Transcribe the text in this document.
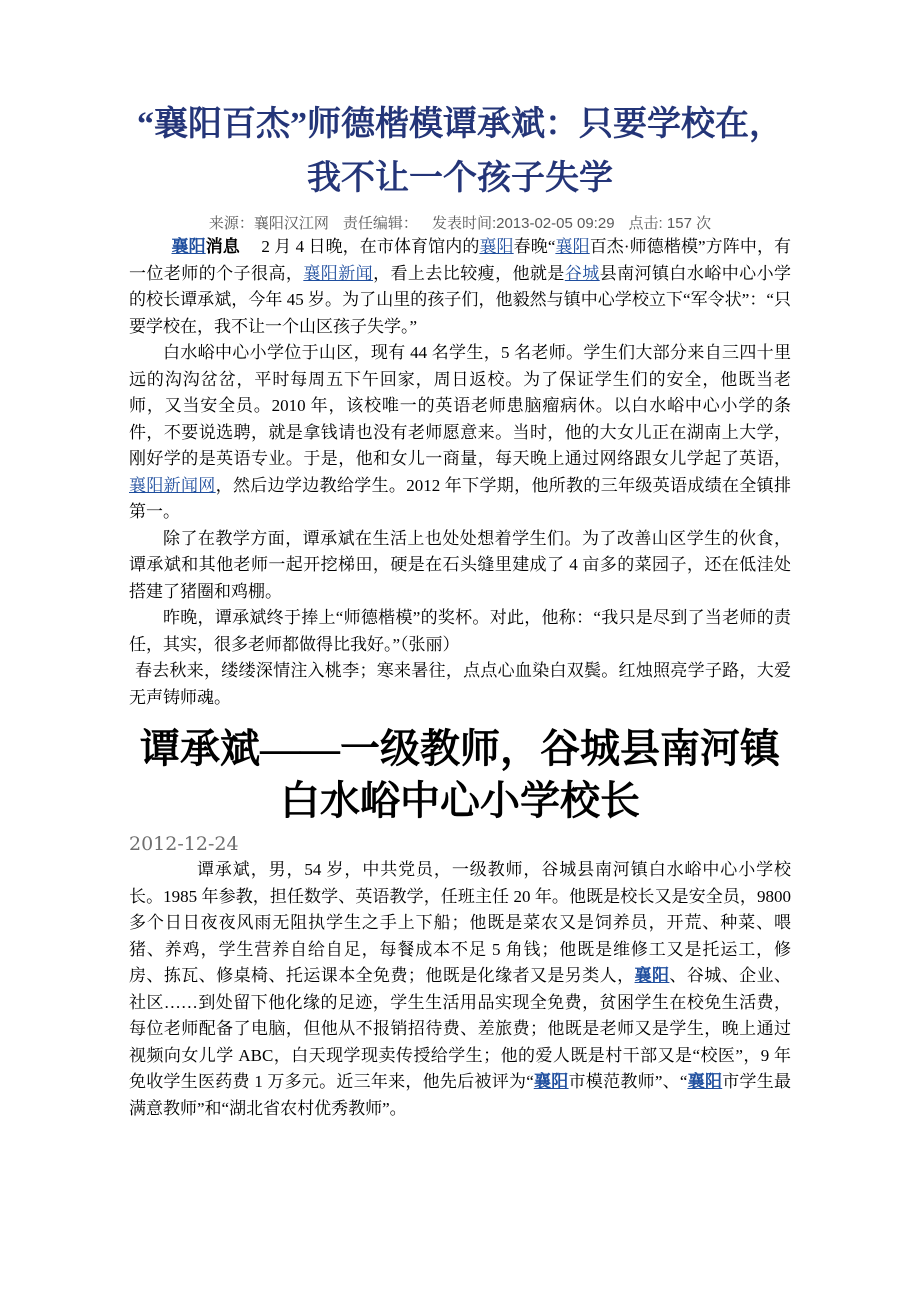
“襄阳百杰”师德楷模谭承斌：只要学校在，我不让一个孩子失学
来源：襄阳汉江网 责任编辑： 发表时间:2013-02-05 09:29 点击: 157 次

襄阳消息　 2 月 4 日晚，在市体育馆内的襄阳春晚“襄阳百杰·师德楷模”方阵中，有一位老师的个子很高，襄阳新闻，看上去比较瘦，他就是谷城县南河镇白水峪中心小学的校长谭承斌，今年 45 岁。为了山里的孩子们，他毅然与镇中心学校立下“军令状”：“只要学校在，我不让一个山区孩子失学。”

白水峪中心小学位于山区，现有 44 名学生，5 名老师。学生们大部分来自三四十里远的沟沟岔岔，平时每周五下午回家，周日返校。为了保证学生们的安全，他既当老师，又当安全员。2010 年，该校唯一的英语老师患脑瘤病休。以白水峪中心小学的条件，不要说选聘，就是拿钱请也没有老师愿意来。当时，他的大女儿正在湖南上大学，刚好学的是英语专业。于是，他和女儿一商量，每天晚上通过网络跟女儿学起了英语，襄阳新闻网，然后边学边教给学生。2012 年下学期，他所教的三年级英语成绩在全镇排第一。

除了在教学方面，谭承斌在生活上也处处想着学生们。为了改善山区学生的伙食，谭承斌和其他老师一起开挖梯田，硬是在石头缝里建成了 4 亩多的菜园子，还在低洼处搭建了猪圈和鸡棚。

昨晚，谭承斌终于捧上“师德楷模”的奖杯。对此，他称：“我只是尽到了当老师的责任，其实，很多老师都做得比我好。”（张丽）

春去秋来，缕缕深情注入桃李；寒来暑往，点点心血染白双鬓。红烛照亮学子路，大爱无声铸师魂。

谭承斌——一级教师，谷城县南河镇白水峪中心小学校长
2012-12-24

谭承斌，男，54 岁，中共党员，一级教师，谷城县南河镇白水峪中心小学校长。1985 年参教，担任数学、英语教学，任班主任 20 年。他既是校长又是安全员，9800 多个日日夜夜风雨无阻执学生之手上下船；他既是菜农又是饲养员，开荒、种菜、喂猪、养鸡，学生营养自给自足，每餐成本不足 5 角钱；他既是维修工又是托运工，修房、拣瓦、修桌椅、托运课本全免费；他既是化缘者又是另类人，襄阳、谷城、企业、社区……到处留下他化缘的足迹，学生生活用品实现全免费，贫困学生在校免生活费，每位老师配备了电脑，但他从不报销招待费、差旅费；他既是老师又是学生，晚上通过视频向女儿学 ABC，白天现学现卖传授给学生；他的爱人既是村干部又是“校医”，9 年免收学生医药费 1 万多元。近三年来，他先后被评为“襄阳市模范教师”、“襄阳市学生最满意教师”和“湖北省农村优秀教师”。
